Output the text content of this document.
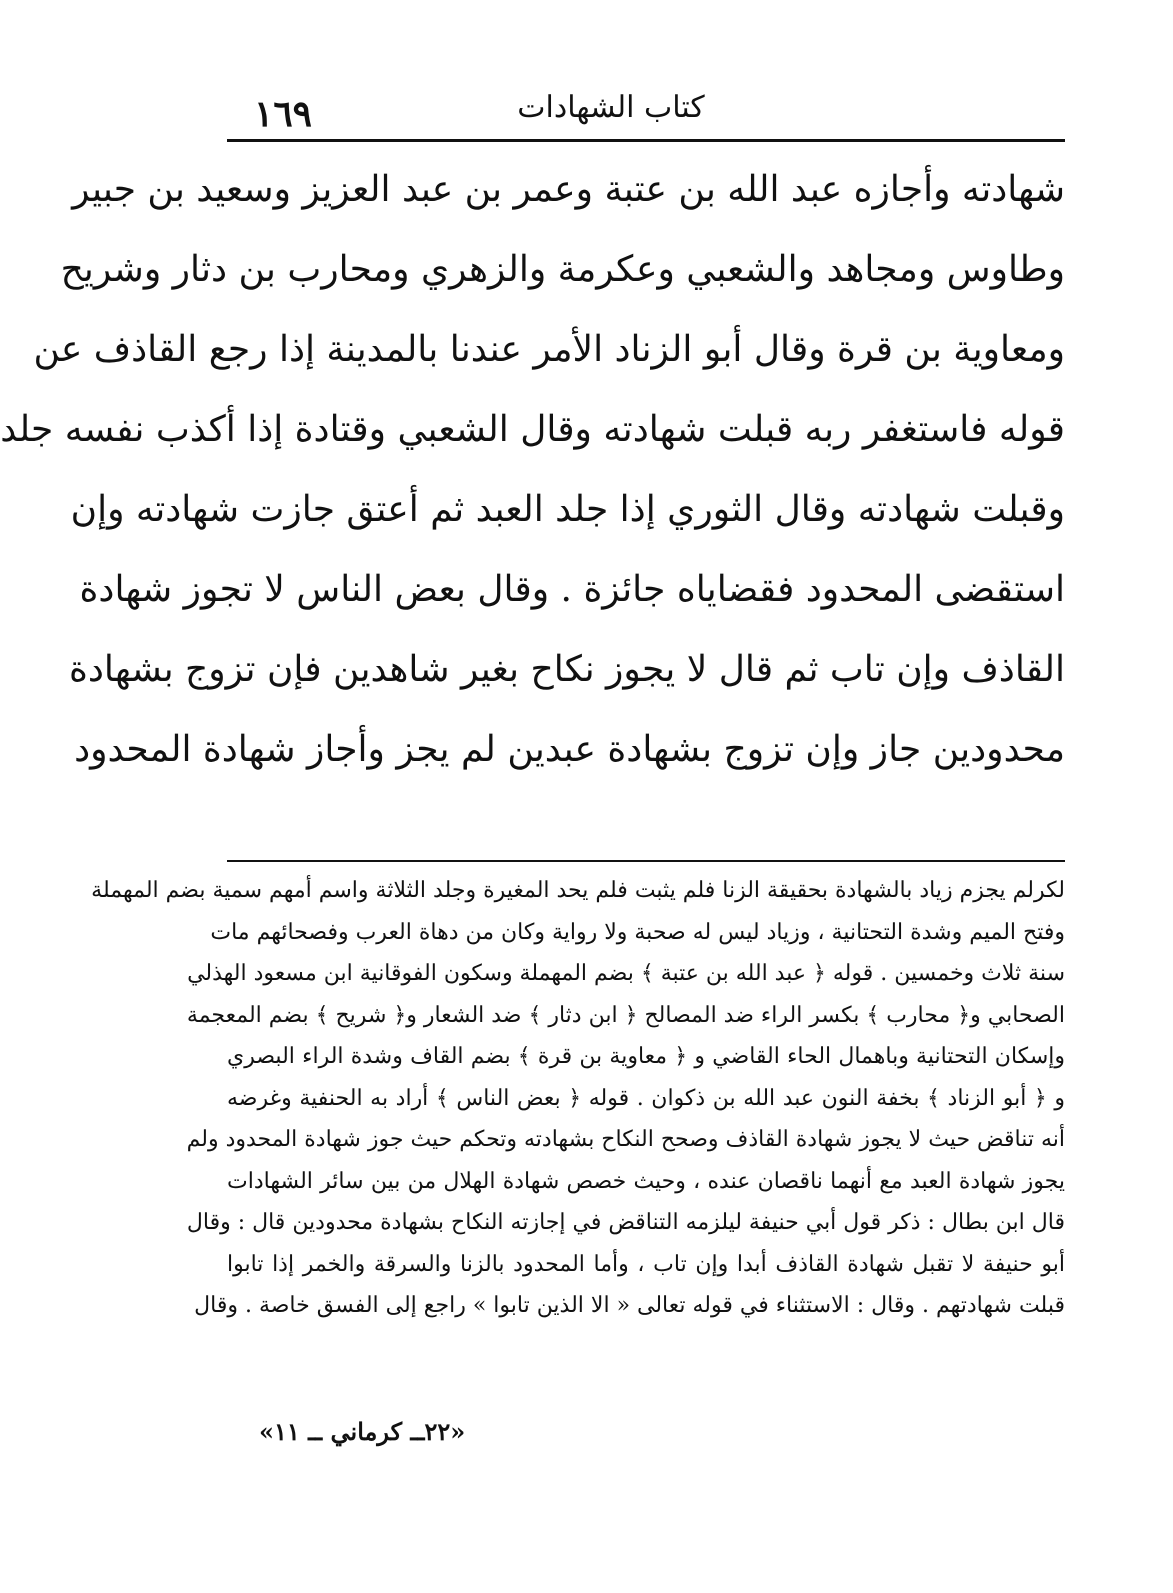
كتاب الشهادات
١٦٩
شهادته وأجازه عبد الله بن عتبة وعمر بن عبد العزيز وسعيد بن جبير
وطاوس ومجاهد والشعبي وعكرمة والزهري ومحارب بن دثار وشريح
ومعاوية بن قرة وقال أبو الزناد الأمر عندنا بالمدينة إذا رجع القاذف عن
قوله فاستغفر ربه قبلت شهادته وقال الشعبي وقتادة إذا أكذب نفسه جلد
وقبلت شهادته وقال الثوري إذا جلد العبد ثم أعتق جازت شهادته وإن
استقضى المحدود فقضاياه جائزة . وقال بعض الناس لا تجوز شهادة
القاذف وإن تاب ثم قال لا يجوز نكاح بغير شاهدين فإن تزوج بشهادة
محدودين جاز وإن تزوج بشهادة عبدين لم يجز وأجاز شهادة المحدود
لكرلم يجزم زياد بالشهادة بحقيقة الزنا فلم يثبت فلم يحد المغيرة وجلد الثلاثة واسم أمهم سمية بضم المهملة
وفتح الميم وشدة التحتانية ، وزياد ليس له صحبة ولا رواية وكان من دهاة العرب وفصحائهم مات
سنة ثلاث وخمسين . قوله ﴿ عبد الله بن عتبة ﴾ بضم المهملة وسكون الفوقانية ابن مسعود الهذلي
الصحابي و﴿ محارب ﴾ بكسر الراء ضد المصالح ﴿ ابن دثار ﴾ ضد الشعار و﴿ شريح ﴾ بضم المعجمة
وإسكان التحتانية وباهمال الحاء القاضي و ﴿ معاوية بن قرة ﴾ بضم القاف وشدة الراء البصري
و ﴿ أبو الزناد ﴾ بخفة النون عبد الله بن ذكوان . قوله ﴿ بعض الناس ﴾ أراد به الحنفية وغرضه
أنه تناقض حيث لا يجوز شهادة القاذف وصحح النكاح بشهادته وتحكم حيث جوز شهادة المحدود ولم
يجوز شهادة العبد مع أنهما ناقصان عنده ، وحيث خصص شهادة الهلال من بين سائر الشهادات
قال ابن بطال : ذكر قول أبي حنيفة ليلزمه التناقض في إجازته النكاح بشهادة محدودين قال : وقال
أبو حنيفة لا تقبل شهادة القاذف أبدا وإن تاب ، وأما المحدود بالزنا والسرقة والخمر إذا تابوا
قبلت شهادتهم . وقال : الاستثناء في قوله تعالى « الا الذين تابوا » راجع إلى الفسق خاصة . وقال
«٢٢ــ كرماني ــ ١١»
